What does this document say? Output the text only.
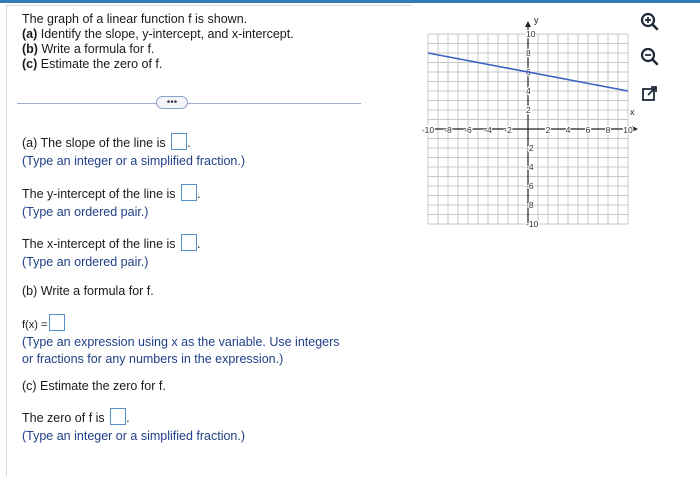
The graph of a linear function f is shown.
(a) Identify the slope, y-intercept, and x-intercept.
(b) Write a formula for f.
(c) Estimate the zero of f.
•••
(a) The slope of the line is .
(Type an integer or a simplified fraction.)
The y-intercept of the line is .
(Type an ordered pair.)
The x-intercept of the line is .
(Type an ordered pair.)
(b) Write a formula for f.
f(x) =
(Type an expression using x as the variable. Use integers
or fractions for any numbers in the expression.)
(c) Estimate the zero for f.
The zero of f is .
(Type an integer or a simplified fraction.)
x
y
-10 -8 -6 -4 -2	2 4 6 8 10
10
8
6
4
2
-2
-4
-6
-8
-10
